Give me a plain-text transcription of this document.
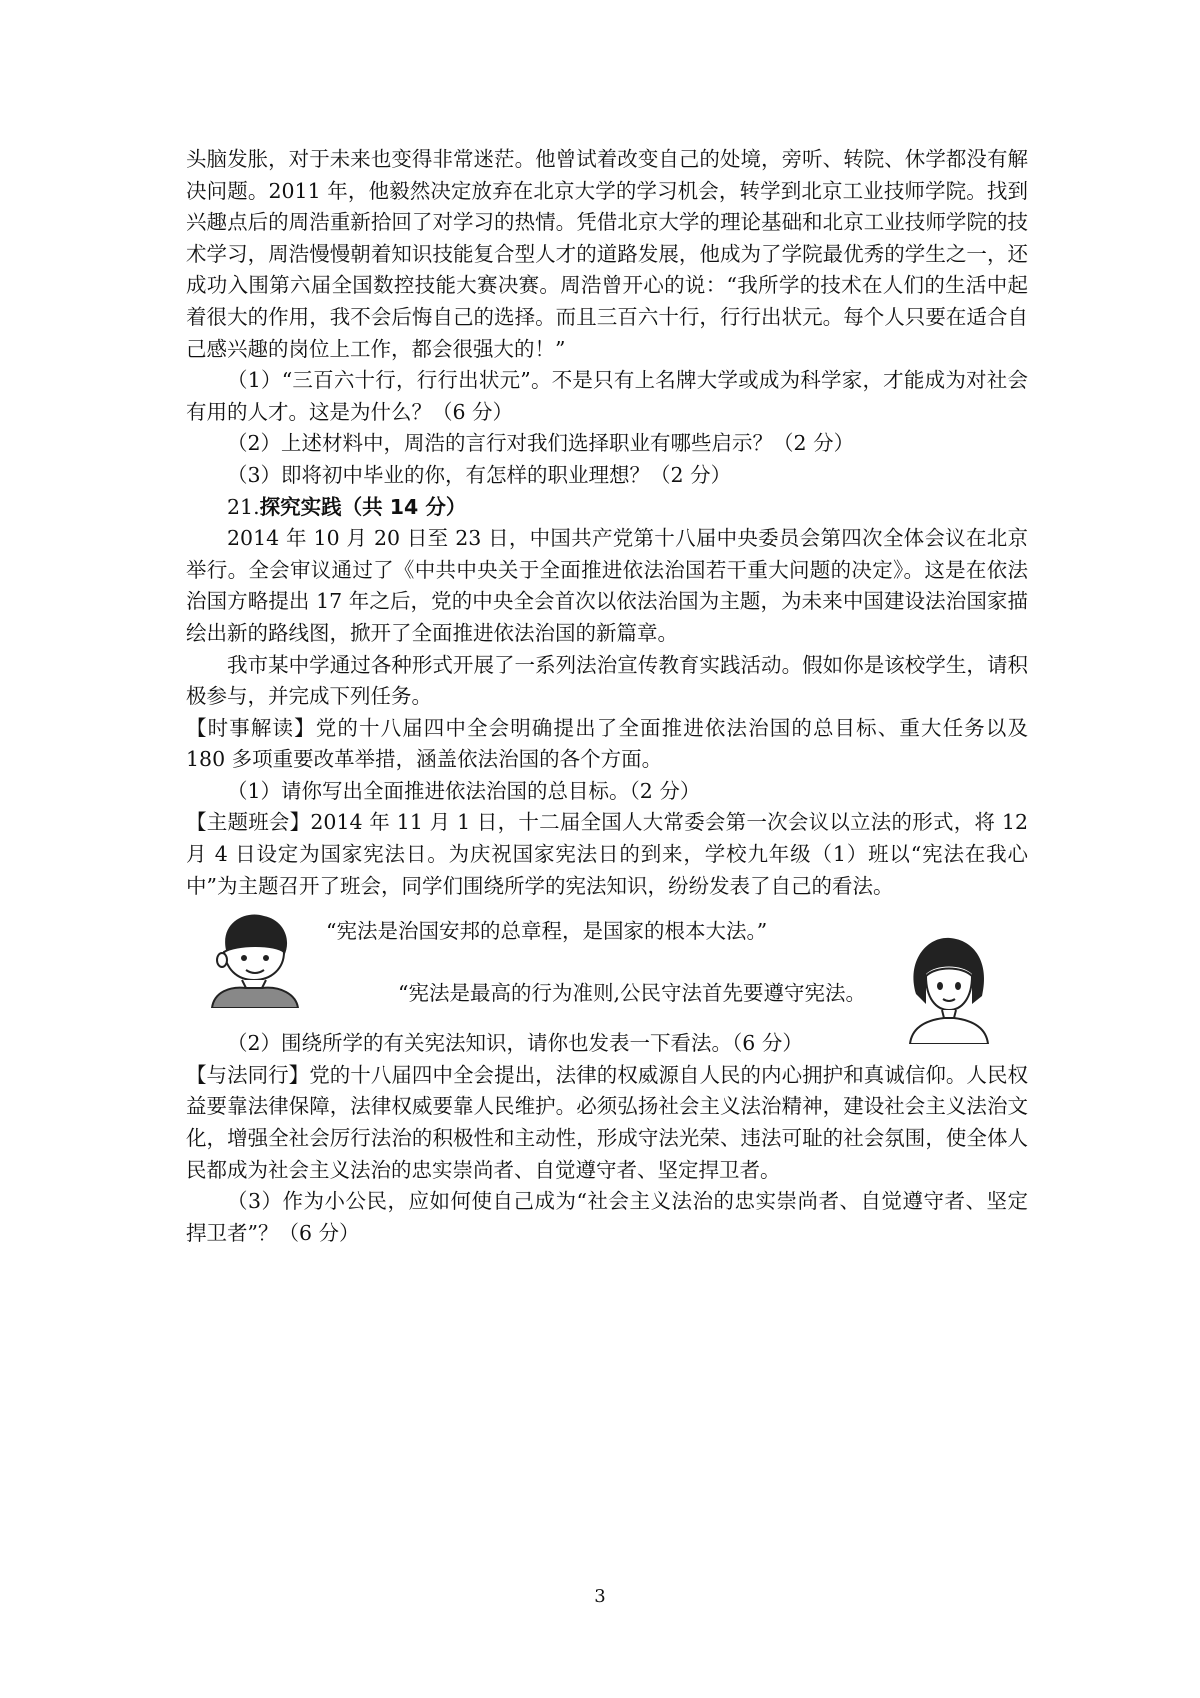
头脑发胀，对于未来也变得非常迷茫。他曾试着改变自己的处境，旁听、转院、休学都没有解决问题。2011 年，他毅然决定放弃在北京大学的学习机会，转学到北京工业技师学院。找到兴趣点后的周浩重新拾回了对学习的热情。凭借北京大学的理论基础和北京工业技师学院的技术学习，周浩慢慢朝着知识技能复合型人才的道路发展，他成为了学院最优秀的学生之一，还成功入围第六届全国数控技能大赛决赛。周浩曾开心的说：“我所学的技术在人们的生活中起着很大的作用，我不会后悔自己的选择。而且三百六十行，行行出状元。每个人只要在适合自己感兴趣的岗位上工作，都会很强大的！”

（1）“三百六十行，行行出状元”。不是只有上名牌大学或成为科学家，才能成为对社会有用的人才。这是为什么？（6 分）

（2）上述材料中，周浩的言行对我们选择职业有哪些启示？（2 分）

（3）即将初中毕业的你，有怎样的职业理想？（2 分）

21.探究实践（共 14 分）

2014 年 10 月 20 日至 23 日，中国共产党第十八届中央委员会第四次全体会议在北京举行。全会审议通过了《中共中央关于全面推进依法治国若干重大问题的决定》。这是在依法治国方略提出 17 年之后，党的中央全会首次以依法治国为主题，为未来中国建设法治国家描绘出新的路线图，掀开了全面推进依法治国的新篇章。

我市某中学通过各种形式开展了一系列法治宣传教育实践活动。假如你是该校学生，请积极参与，并完成下列任务。

【时事解读】党的十八届四中全会明确提出了全面推进依法治国的总目标、重大任务以及 180 多项重要改革举措，涵盖依法治国的各个方面。

（1）请你写出全面推进依法治国的总目标。（2 分）

【主题班会】2014 年 11 月 1 日，十二届全国人大常委会第一次会议以立法的形式，将 12 月 4 日设定为国家宪法日。为庆祝国家宪法日的到来，学校九年级（1）班以“宪法在我心中”为主题召开了班会，同学们围绕所学的宪法知识，纷纷发表了自己的看法。

“宪法是治国安邦的总章程，是国家的根本大法。”
“宪法是最高的行为准则,公民守法首先要遵守宪法。

（2）围绕所学的有关宪法知识，请你也发表一下看法。（6 分）

【与法同行】党的十八届四中全会提出，法律的权威源自人民的内心拥护和真诚信仰。人民权益要靠法律保障，法律权威要靠人民维护。必须弘扬社会主义法治精神，建设社会主义法治文化，增强全社会厉行法治的积极性和主动性，形成守法光荣、违法可耻的社会氛围，使全体人民都成为社会主义法治的忠实崇尚者、自觉遵守者、坚定捍卫者。

（3）作为小公民，应如何使自己成为“社会主义法治的忠实崇尚者、自觉遵守者、坚定捍卫者”？（6 分）

3
